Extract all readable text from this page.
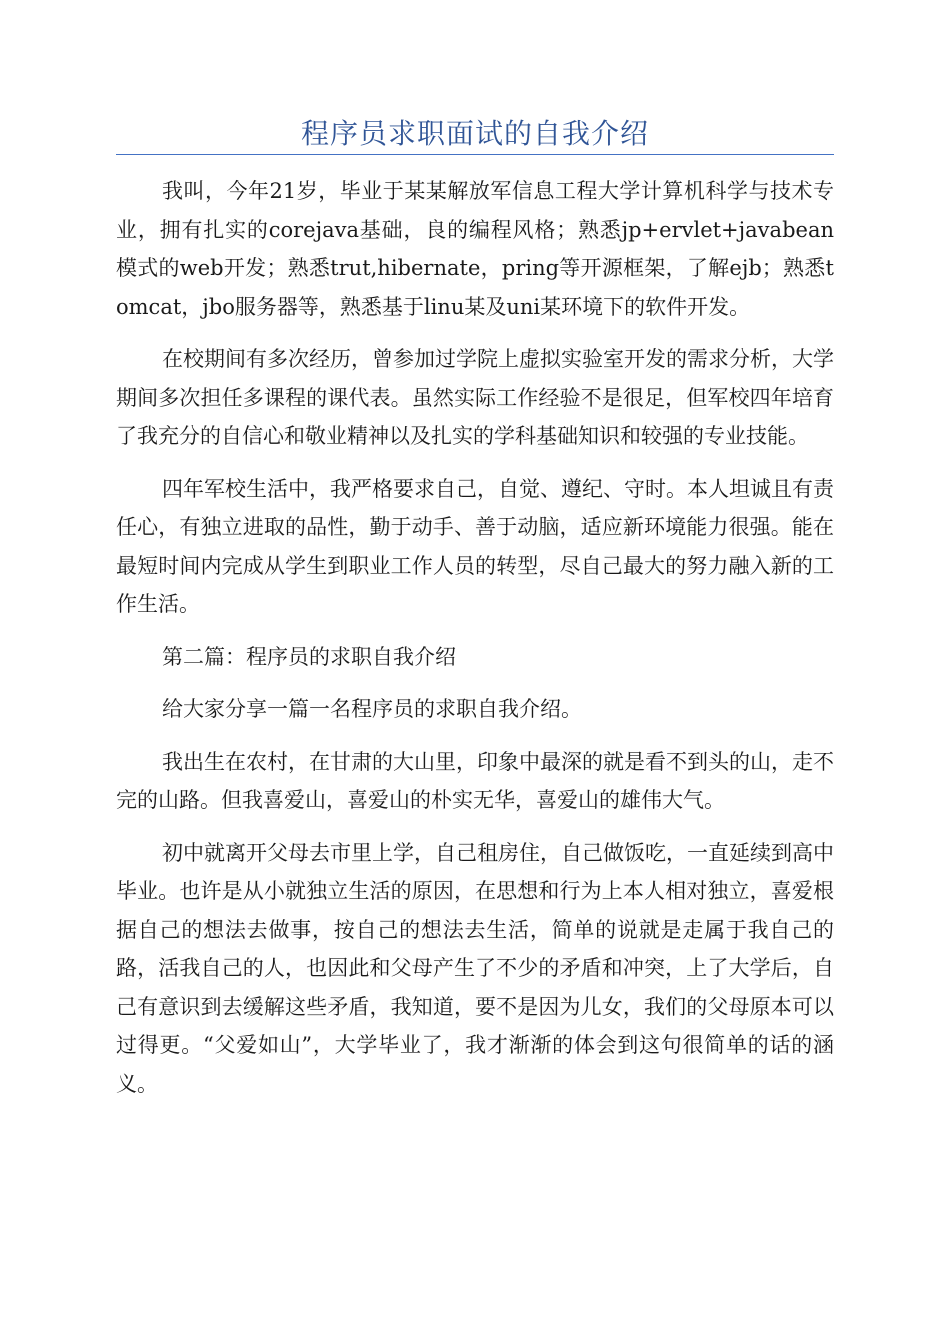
程序员求职面试的自我介绍

我叫，今年21岁，毕业于某某解放军信息工程大学计算机科学与技术专业，拥有扎实的corejava基础，良的编程风格；熟悉jp+ervlet+javabean模式的web开发；熟悉trut,hibernate，pring等开源框架，了解ejb；熟悉tomcat，jbo服务器等，熟悉基于linu某及uni某环境下的软件开发。

在校期间有多次经历，曾参加过学院上虚拟实验室开发的需求分析，大学期间多次担任多课程的课代表。虽然实际工作经验不是很足，但军校四年培育了我充分的自信心和敬业精神以及扎实的学科基础知识和较强的专业技能。

四年军校生活中，我严格要求自己，自觉、遵纪、守时。本人坦诚且有责任心，有独立进取的品性，勤于动手、善于动脑，适应新环境能力很强。能在最短时间内完成从学生到职业工作人员的转型，尽自己最大的努力融入新的工作生活。

第二篇：程序员的求职自我介绍

给大家分享一篇一名程序员的求职自我介绍。

我出生在农村，在甘肃的大山里，印象中最深的就是看不到头的山，走不完的山路。但我喜爱山，喜爱山的朴实无华，喜爱山的雄伟大气。

初中就离开父母去市里上学，自己租房住，自己做饭吃，一直延续到高中毕业。也许是从小就独立生活的原因，在思想和行为上本人相对独立，喜爱根据自己的想法去做事，按自己的想法去生活，简单的说就是走属于我自己的路，活我自己的人，也因此和父母产生了不少的矛盾和冲突，上了大学后，自己有意识到去缓解这些矛盾，我知道，要不是因为儿女，我们的父母原本可以过得更。“父爱如山”，大学毕业了，我才渐渐的体会到这句很简单的话的涵义。
